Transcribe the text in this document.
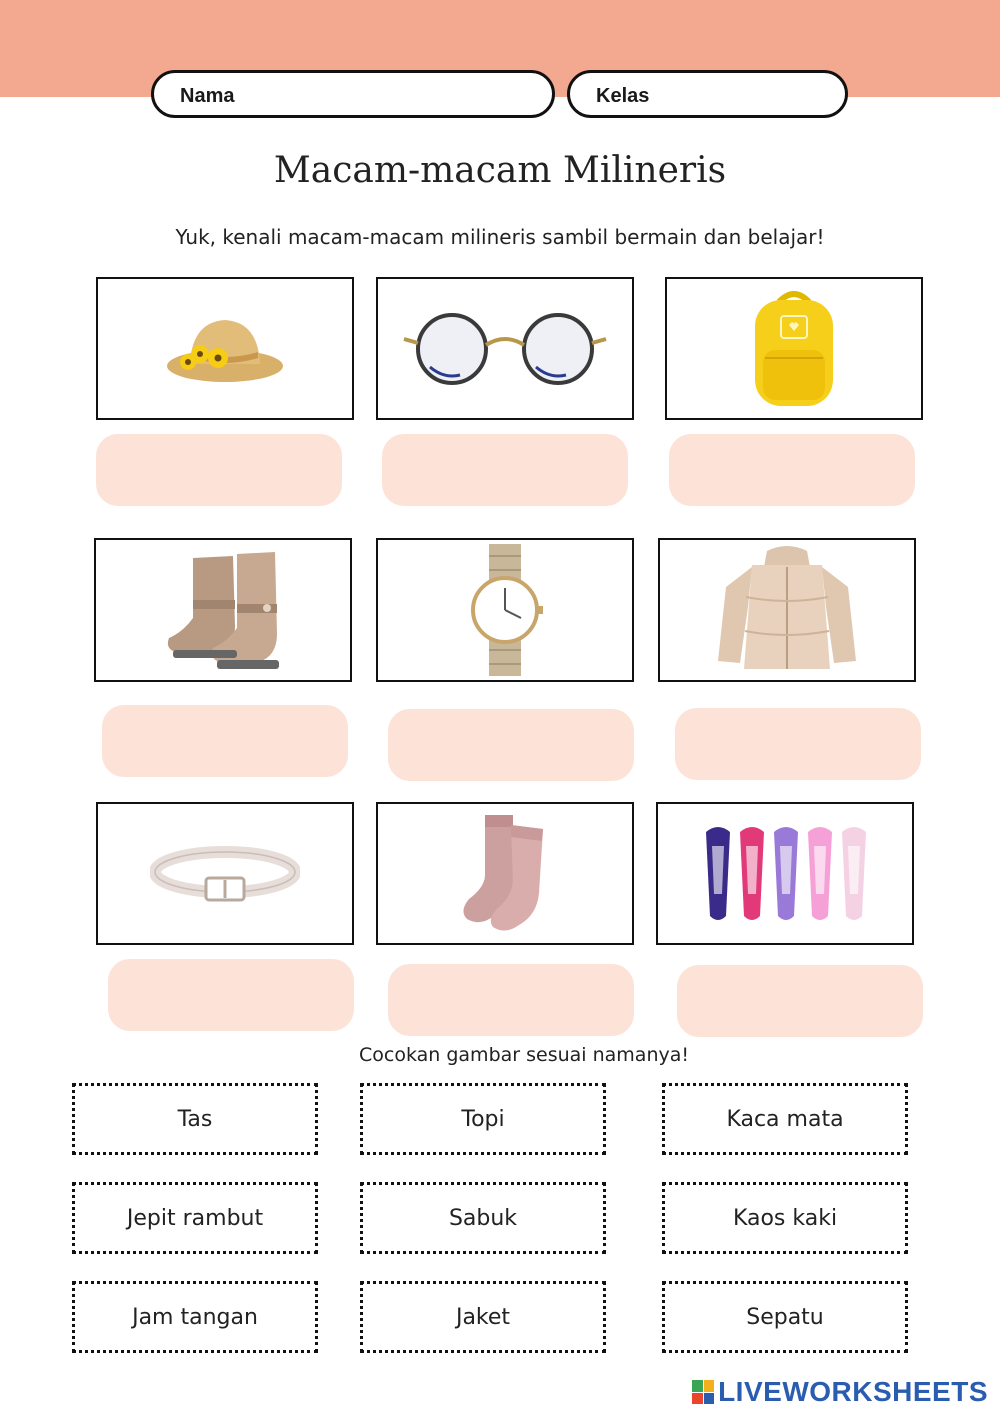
Nama	Kelas
Macam-macam Milineris
Yuk, kenali macam-macam milineris sambil bermain dan belajar!
Cocokan gambar sesuai namanya!
Tas	Topi	Kaca mata
Jepit rambut	Sabuk	Kaos kaki
Jam tangan	Jaket	Sepatu
LIVEWORKSHEETS
